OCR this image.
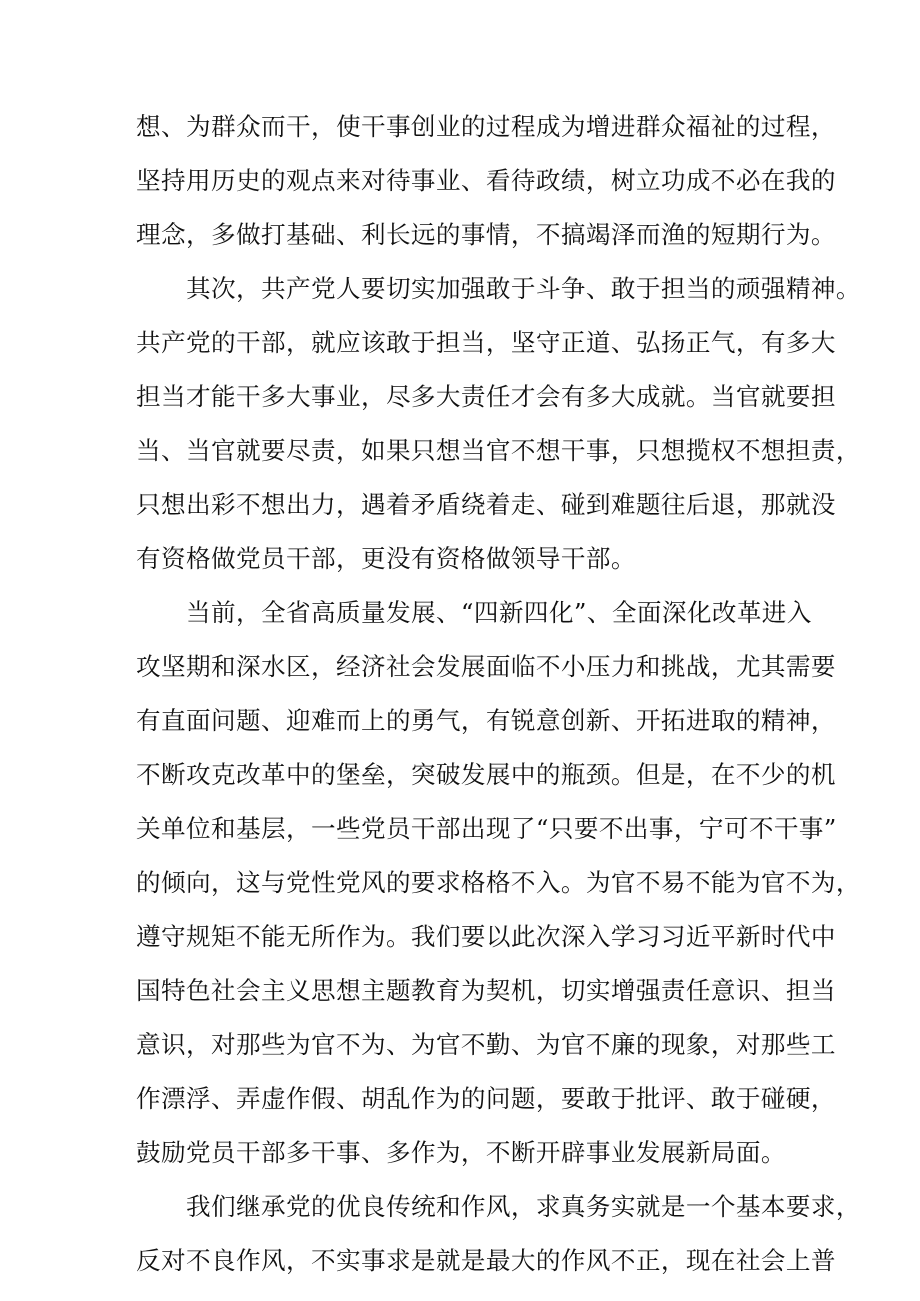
想、为群众而干，使干事创业的过程成为增进群众福祉的过程，
坚持用历史的观点来对待事业、看待政绩，树立功成不必在我的
理念，多做打基础、利长远的事情，不搞竭泽而渔的短期行为。
其次，共产党人要切实加强敢于斗争、敢于担当的顽强精神。
共产党的干部，就应该敢于担当，坚守正道、弘扬正气，有多大
担当才能干多大事业，尽多大责任才会有多大成就。当官就要担
当、当官就要尽责，如果只想当官不想干事，只想揽权不想担责，
只想出彩不想出力，遇着矛盾绕着走、碰到难题往后退，那就没
有资格做党员干部，更没有资格做领导干部。
当前，全省高质量发展、“四新四化”、全面深化改革进入
攻坚期和深水区，经济社会发展面临不小压力和挑战，尤其需要
有直面问题、迎难而上的勇气，有锐意创新、开拓进取的精神，
不断攻克改革中的堡垒，突破发展中的瓶颈。但是，在不少的机
关单位和基层，一些党员干部出现了“只要不出事，宁可不干事”
的倾向，这与党性党风的要求格格不入。为官不易不能为官不为，
遵守规矩不能无所作为。我们要以此次深入学习习近平新时代中
国特色社会主义思想主题教育为契机，切实增强责任意识、担当
意识，对那些为官不为、为官不勤、为官不廉的现象，对那些工
作漂浮、弄虚作假、胡乱作为的问题，要敢于批评、敢于碰硬，
鼓励党员干部多干事、多作为，不断开辟事业发展新局面。
我们继承党的优良传统和作风，求真务实就是一个基本要求，
反对不良作风，不实事求是就是最大的作风不正，现在社会上普
